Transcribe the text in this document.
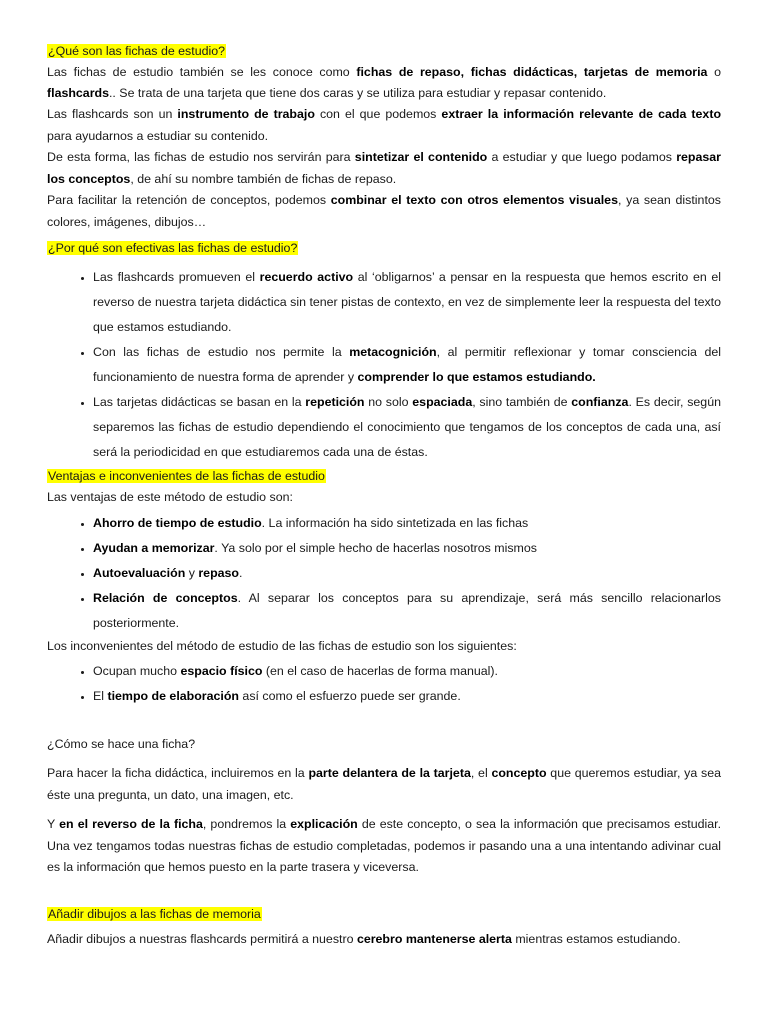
¿Qué son las fichas de estudio?

Las fichas de estudio también se les conoce como fichas de repaso, fichas didácticas, tarjetas de memoria o flashcards.. Se trata de una tarjeta que tiene dos caras y se utiliza para estudiar y repasar contenido.

Las flashcards son un instrumento de trabajo con el que podemos extraer la información relevante de cada texto para ayudarnos a estudiar su contenido.

De esta forma, las fichas de estudio nos servirán para sintetizar el contenido a estudiar y que luego podamos repasar los conceptos, de ahí su nombre también de fichas de repaso.

Para facilitar la retención de conceptos, podemos combinar el texto con otros elementos visuales, ya sean distintos colores, imágenes, dibujos…

¿Por qué son efectivas las fichas de estudio?
• Las flashcards promueven el recuerdo activo al ‘obligarnos’ a pensar en la respuesta que hemos escrito en el reverso de nuestra tarjeta didáctica sin tener pistas de contexto, en vez de simplemente leer la respuesta del texto que estamos estudiando.
• Con las fichas de estudio nos permite la metacognición, al permitir reflexionar y tomar consciencia del funcionamiento de nuestra forma de aprender y comprender lo que estamos estudiando.
• Las tarjetas didácticas se basan en la repetición no solo espaciada, sino también de confianza. Es decir, según separemos las fichas de estudio dependiendo el conocimiento que tengamos de los conceptos de cada una, así será la periodicidad en que estudiaremos cada una de éstas.
Ventajas e inconvenientes de las fichas de estudio

Las ventajas de este método de estudio son:

• Ahorro de tiempo de estudio. La información ha sido sintetizada en las fichas
• Ayudan a memorizar. Ya solo por el simple hecho de hacerlas nosotros mismos
• Autoevaluación y repaso.
• Relación de conceptos. Al separar los conceptos para su aprendizaje, será más sencillo relacionarlos posteriormente.

Los inconvenientes del método de estudio de las fichas de estudio son los siguientes:

• Ocupan mucho espacio físico (en el caso de hacerlas de forma manual).
• El tiempo de elaboración así como el esfuerzo puede ser grande.
¿Cómo se hace una ficha?

Para hacer la ficha didáctica, incluiremos en la parte delantera de la tarjeta, el concepto que queremos estudiar, ya sea éste una pregunta, un dato, una imagen, etc.

Y en el reverso de la ficha, pondremos la explicación de este concepto, o sea la información que precisamos estudiar. Una vez tengamos todas nuestras fichas de estudio completadas, podemos ir pasando una a una intentando adivinar cual es la información que hemos puesto en la parte trasera y viceversa.

Añadir dibujos a las fichas de memoria

Añadir dibujos a nuestras flashcards permitirá a nuestro cerebro mantenerse alerta mientras estamos estudiando.
